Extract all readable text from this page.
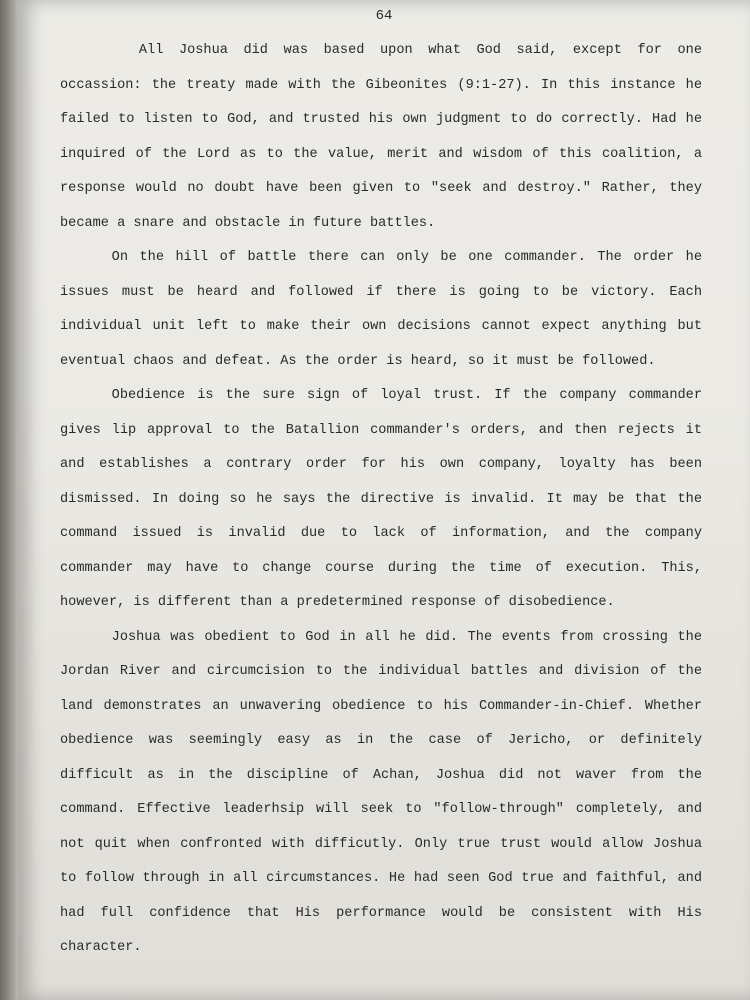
64

All Joshua did was based upon what God said, except for one occassion: the treaty made with the Gibeonites (9:1-27). In this instance he failed to listen to God, and trusted his own judgment to do correctly. Had he inquired of the Lord as to the value, merit and wisdom of this coalition, a response would no doubt have been given to "seek and destroy." Rather, they became a snare and obstacle in future battles.

On the hill of battle there can only be one commander. The order he issues must be heard and followed if there is going to be victory. Each individual unit left to make their own decisions cannot expect anything but eventual chaos and defeat. As the order is heard, so it must be followed.

Obedience is the sure sign of loyal trust. If the company commander gives lip approval to the Batallion commander's orders, and then rejects it and establishes a contrary order for his own company, loyalty has been dismissed. In doing so he says the directive is invalid. It may be that the command issued is invalid due to lack of information, and the company commander may have to change course during the time of execution. This, however, is different than a predetermined response of disobedience.

Joshua was obedient to God in all he did. The events from crossing the Jordan River and circumcision to the individual battles and division of the land demonstrates an unwavering obedience to his Commander-in-Chief. Whether obedience was seemingly easy as in the case of Jericho, or definitely difficult as in the discipline of Achan, Joshua did not waver from the command. Effective leaderhsip will seek to "follow-through" completely, and not quit when confronted with difficutly. Only true trust would allow Joshua to follow through in all circumstances. He had seen God true and faithful, and had full confidence that His performance would be consistent with His character.
